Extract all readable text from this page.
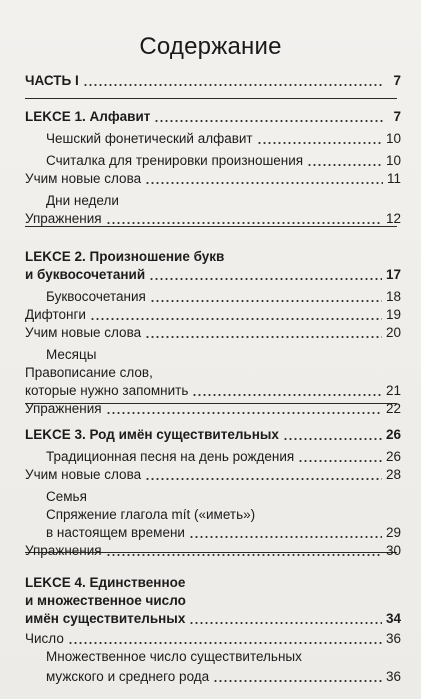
Содержание
ЧАСТЬ I	7
LEKCE 1. Алфавит	7
Чешский фонетический алфавит	10
Считалка для тренировки произношения	10
Учим новые слова	11
Дни недели
Упражнения	12
LEKCE 2. Произношение букв
и буквосочетаний	17
Буквосочетания	18
Дифтонги	19
Учим новые слова	20
Месяцы
Правописание слов,
которые нужно запомнить	21
Упражнения	22
LEKCE 3. Род имён существительных	26
Традиционная песня на день рождения	26
Учим новые слова	28
Семья
Спряжение глагола mít («иметь»)
в настоящем времени	29
Упражнения	30
LEKCE 4. Единственное
и множественное число
имён существительных	34
Число	36
Множественное число существительных
мужского и среднего рода	36
